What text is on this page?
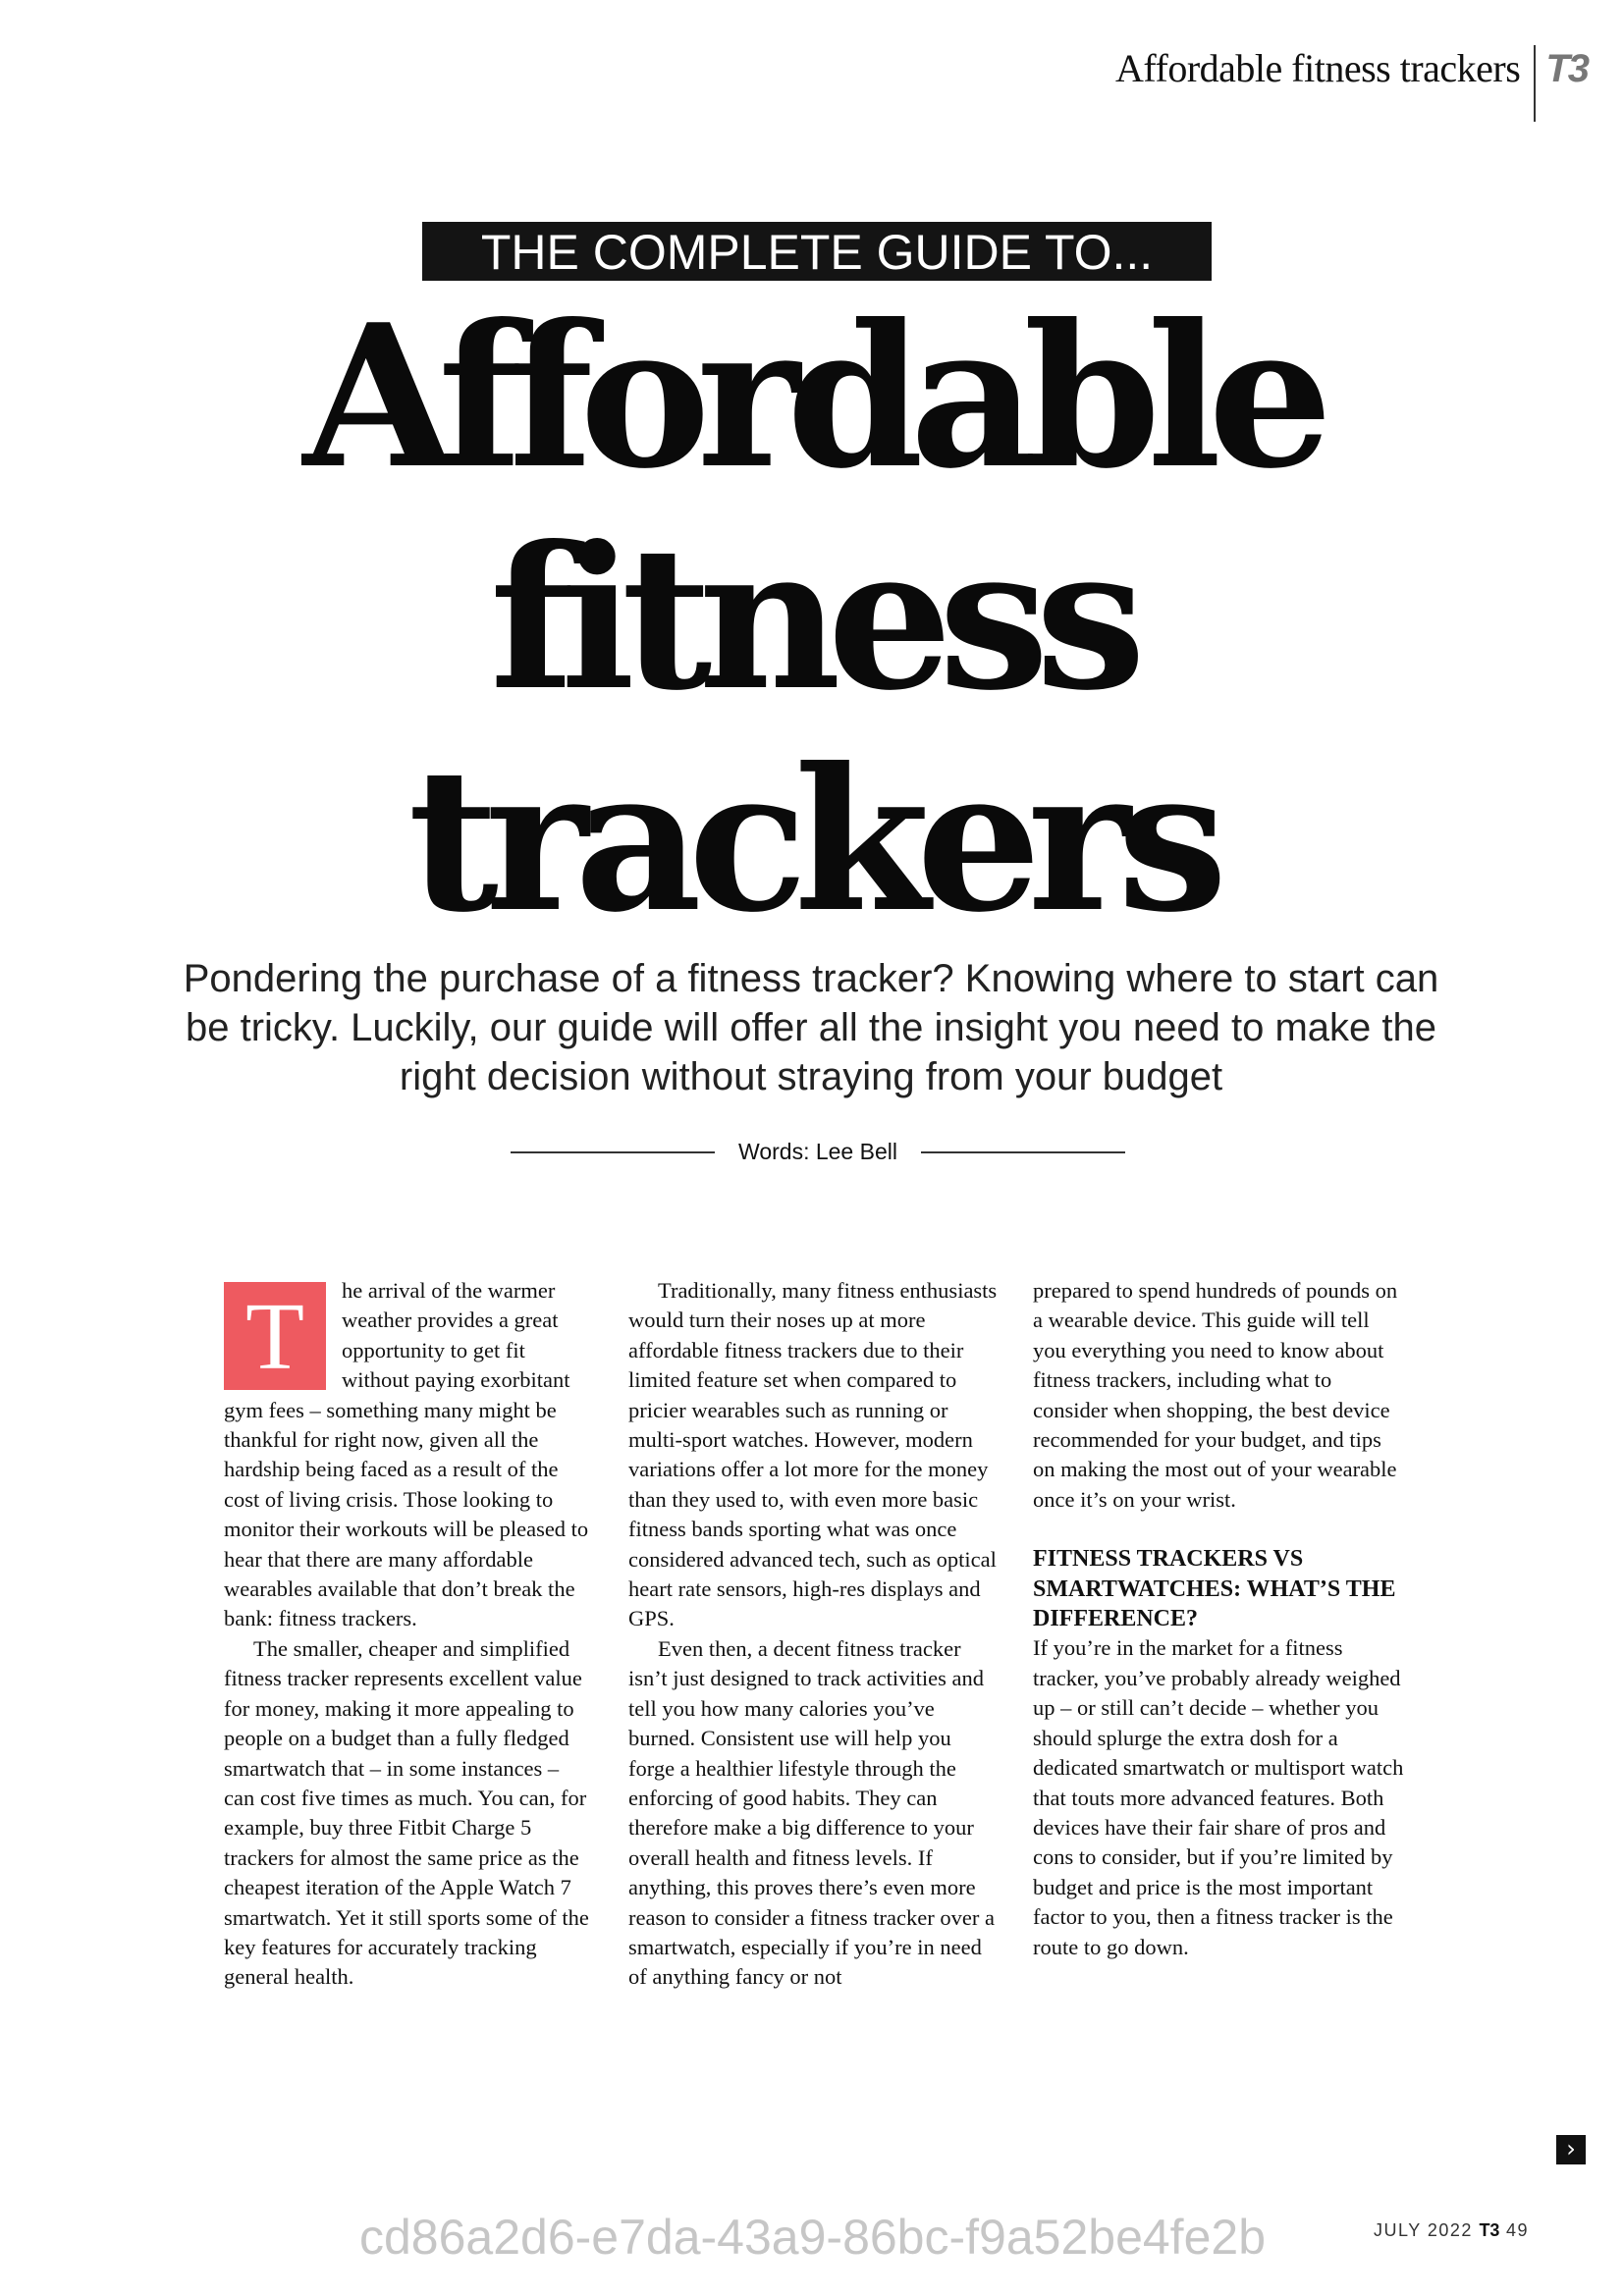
Affordable fitness trackers T3
THE COMPLETE GUIDE TO...
Affordable fitness trackers

Pondering the purchase of a fitness tracker? Knowing where to start can be tricky. Luckily, our guide will offer all the insight you need to make the right decision without straying from your budget

Words: Lee Bell
T	he arrival of the warmer weather provides a great opportunity to get fit without paying exorbitant gym fees – something many might be thankful for right now, given all the hardship being faced as a result of the cost of living crisis. Those looking to monitor their workouts will be pleased to hear that there are many affordable wearables available that don’t break the bank: fitness trackers.

The smaller, cheaper and simplified fitness tracker represents excellent value for money, making it more appealing to people on a budget than a fully fledged smartwatch that – in some instances – can cost five times as much. You can, for example, buy three Fitbit Charge 5 trackers for almost the same price as the cheapest iteration of the Apple Watch 7 smartwatch. Yet it still sports some of the key features for accurately tracking general health.

Traditionally, many fitness enthusiasts would turn their noses up at more affordable fitness trackers due to their limited feature set when compared to pricier wearables such as running or multi-sport watches. However, modern variations offer a lot more for the money than they used to, with even more basic fitness bands sporting what was once considered advanced tech, such as optical heart rate sensors, high-res displays and GPS.

Even then, a decent fitness tracker isn’t just designed to track activities and tell you how many calories you’ve burned. Consistent use will help you forge a healthier lifestyle through the enforcing of good habits. They can therefore make a big difference to your overall health and fitness levels. If anything, this proves there’s even more reason to consider a fitness tracker over a smartwatch, especially if you’re in need of anything fancy or not

prepared to spend hundreds of pounds on a wearable device. This guide will tell you everything you need to know about fitness trackers, including what to consider when shopping, the best device recommended for your budget, and tips on making the most out of your wearable once it’s on your wrist.

FITNESS TRACKERS VS SMARTWATCHES: WHAT’S THE DIFFERENCE?

If you’re in the market for a fitness tracker, you’ve probably already weighed up – or still can’t decide – whether you should splurge the extra dosh for a dedicated smartwatch or multisport watch that touts more advanced features. Both devices have their fair share of pros and cons to consider, but if you’re limited by budget and price is the most important factor to you, then a fitness tracker is the route to go down.

›
cd86a2d6-e7da-43a9-86bc-f9a52be4fe2b	JULY 2022 T3 49
